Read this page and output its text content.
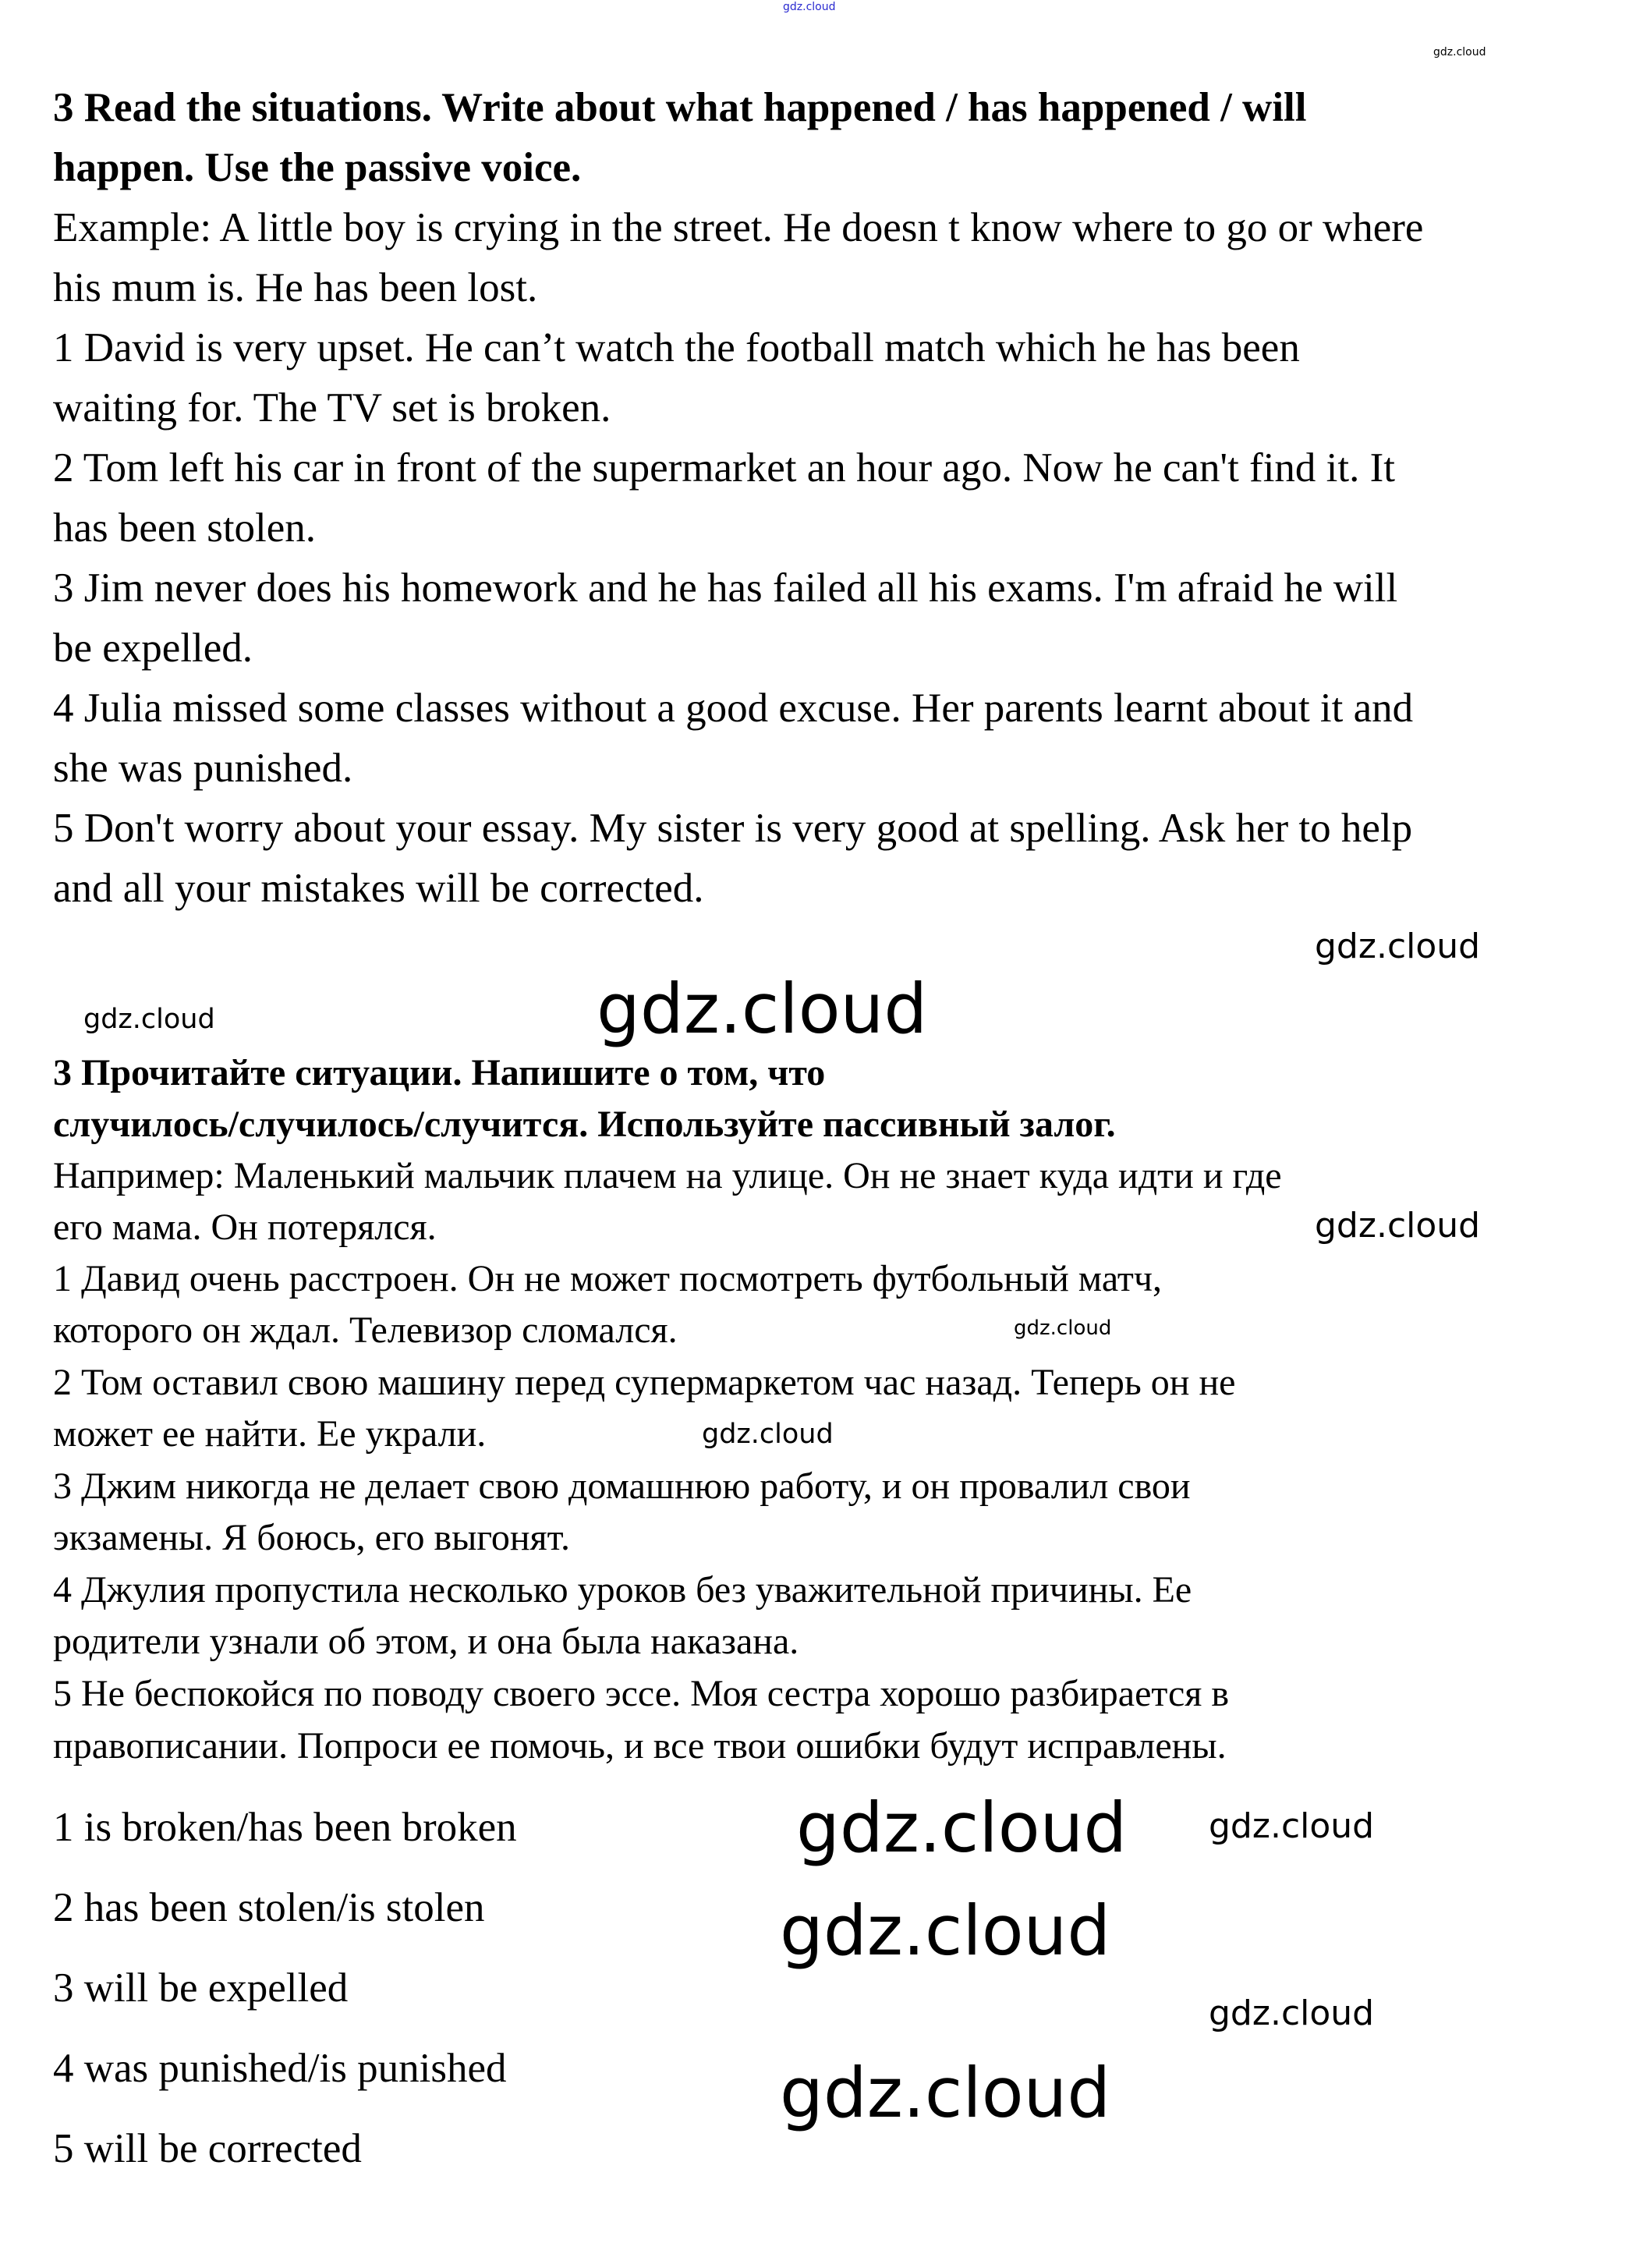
3 Read the situations. Write about what happened / has happened / will
happen. Use the passive voice.
Example: A little boy is crying in the street. He doesn t know where to go or where
his mum is. He has been lost.
1 David is very upset. He can’t watch the football match which he has been
waiting for. The TV set is broken.
2 Tom left his car in front of the supermarket an hour ago. Now he can't find it. It
has been stolen.
3 Jim never does his homework and he has failed all his exams. I'm afraid he will
be expelled.
4 Julia missed some classes without a good excuse. Her parents learnt about it and
she was punished.
5 Don't worry about your essay. My sister is very good at spelling. Ask her to help
and all your mistakes will be corrected.
3 Прочитайте ситуации. Напишите о том, что
случилось/случилось/случится. Используйте пассивный залог.
Например: Маленький мальчик плачем на улице. Он не знает куда идти и где
его мама. Он потерялся.
1 Давид очень расстроен. Он не может посмотреть футбольный матч,
которого он ждал. Телевизор сломался.
2 Том оставил свою машину перед супермаркетом час назад. Теперь он не
может ее найти. Ее украли.
3 Джим никогда не делает свою домашнюю работу, и он провалил свои
экзамены. Я боюсь, его выгонят.
4 Джулия пропустила несколько уроков без уважительной причины. Ее
родители узнали об этом, и она была наказана.
5 Не беспокойся по поводу своего эссе. Моя сестра хорошо разбирается в
правописании. Попроси ее помочь, и все твои ошибки будут исправлены.
1 is broken/has been broken
2 has been stolen/is stolen
3 will be expelled
4 was punished/is punished
5 will be corrected
gdz.cloud
gdz.cloud
gdz.cloud
gdz.cloud
gdz.cloud
gdz.cloud
gdz.cloud
gdz.cloud
gdz.cloud gdz.cloud
gdz.cloud
gdz.cloud
gdz.cloud
